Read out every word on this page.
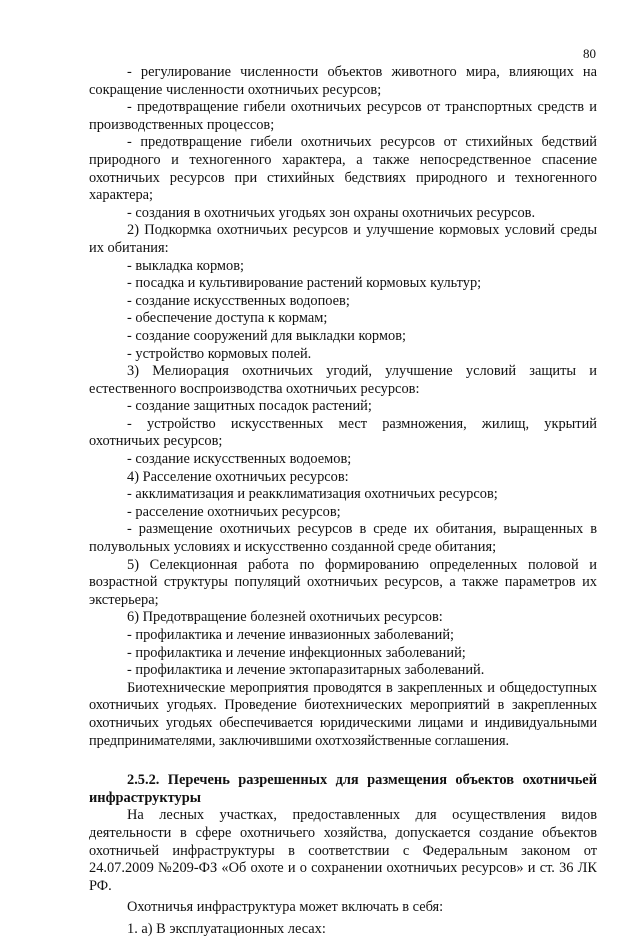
80

- регулирование численности объектов животного мира, влияющих на сокращение численности охотничьих ресурсов;

- предотвращение гибели охотничьих ресурсов от транспортных средств и производственных процессов;

- предотвращение гибели охотничьих ресурсов от стихийных бедствий природного и техногенного характера, а также непосредственное спасение охотничьих ресурсов при стихийных бедствиях природного и техногенного характера;

- создания в охотничьих угодьях зон охраны охотничьих ресурсов.

2) Подкормка охотничьих ресурсов и улучшение кормовых условий среды их обитания:

- выкладка кормов;

- посадка и культивирование растений кормовых культур;

- создание искусственных водопоев;

- обеспечение доступа к кормам;

- создание сооружений для выкладки кормов;

- устройство кормовых полей.

3) Мелиорация охотничьих угодий, улучшение условий защиты и естественного воспроизводства охотничьих ресурсов:

- создание защитных посадок растений;

- устройство искусственных мест размножения, жилищ, укрытий охотничьих ресурсов;

- создание искусственных водоемов;

4) Расселение охотничьих ресурсов:

- акклиматизация и реакклиматизация охотничьих ресурсов;

- расселение охотничьих ресурсов;

- размещение охотничьих ресурсов в среде их обитания, выращенных в полувольных условиях и искусственно созданной среде обитания;

5) Селекционная работа по формированию определенных половой и возрастной структуры популяций охотничьих ресурсов, а также параметров их экстерьера;

6) Предотвращение болезней охотничьих ресурсов:

- профилактика и лечение инвазионных заболеваний;

- профилактика и лечение инфекционных заболеваний;

- профилактика и лечение эктопаразитарных заболеваний.

Биотехнические мероприятия проводятся в закрепленных и общедоступных охотничьих угодьях. Проведение биотехнических мероприятий в закрепленных охотничьих угодьях обеспечивается юридическими лицами и индивидуальными предпринимателями, заключившими охотхозяйственные соглашения.

2.5.2. Перечень разрешенных для размещения объектов охотничьей инфраструктуры

На лесных участках, предоставленных для осуществления видов деятельности в сфере охотничьего хозяйства, допускается создание объектов охотничьей инфраструктуры в соответствии с Федеральным законом от 24.07.2009 №209-ФЗ «Об охоте и о сохранении охотничьих ресурсов» и ст. 36 ЛК РФ.

Охотничья инфраструктура может включать в себя:

1. а) В эксплуатационных лесах:
